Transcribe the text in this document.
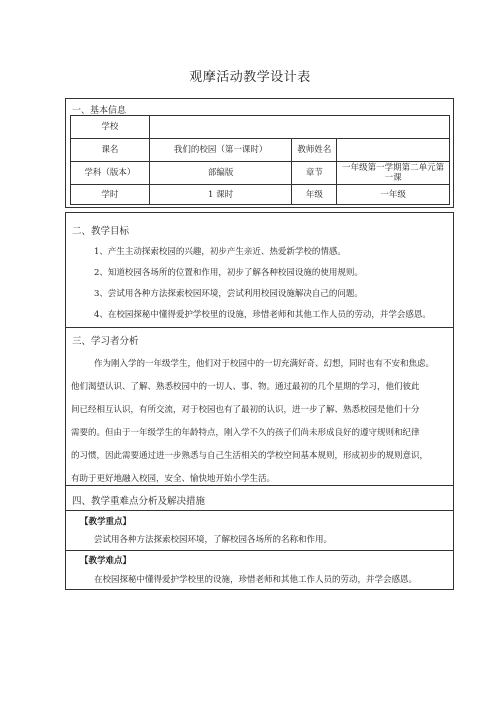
观摩活动教学设计表
一、基本信息
学校			
课名	我们的校园（第一课时）	教师姓名	
学科（版本）	部编版	章节	一年级第一学期第二单元第一课
学时	1 课时	年级	一年级
二、教学目标
1、产生主动探索校园的兴趣，初步产生亲近、热爱新学校的情感。
2、知道校园各场所的位置和作用，初步了解各种校园设施的使用规则。
3、尝试用各种方法探索校园环境，尝试利用校园设施解决自己的问题。
4、在校园探秘中懂得爱护学校里的设施，珍惜老师和其他工作人员的劳动，并学会感恩。
三、学习者分析
作为刚入学的一年级学生，他们对于校园中的一切充满好奇、幻想，同时也有不安和焦虑。
他们渴望认识、了解、熟悉校园中的一切人、事、物。通过最初的几个星期的学习，他们彼此
间已经相互认识，有所交流，对于校园也有了最初的认识，进一步了解、熟悉校园是他们十分
需要的。但由于一年级学生的年龄特点，刚入学不久的孩子们尚未形成良好的遵守规则和纪律
的习惯，因此需要通过进一步熟悉与自己生活相关的学校空间基本规则，形成初步的规则意识，
有助于更好地融入校园，安全、愉快地开始小学生活。
四、教学重难点分析及解决措施
【教学重点】
尝试用各种方法探索校园环境，了解校园各场所的名称和作用。
【教学难点】
在校园探秘中懂得爱护学校里的设施，珍惜老师和其他工作人员的劳动，并学会感恩。
